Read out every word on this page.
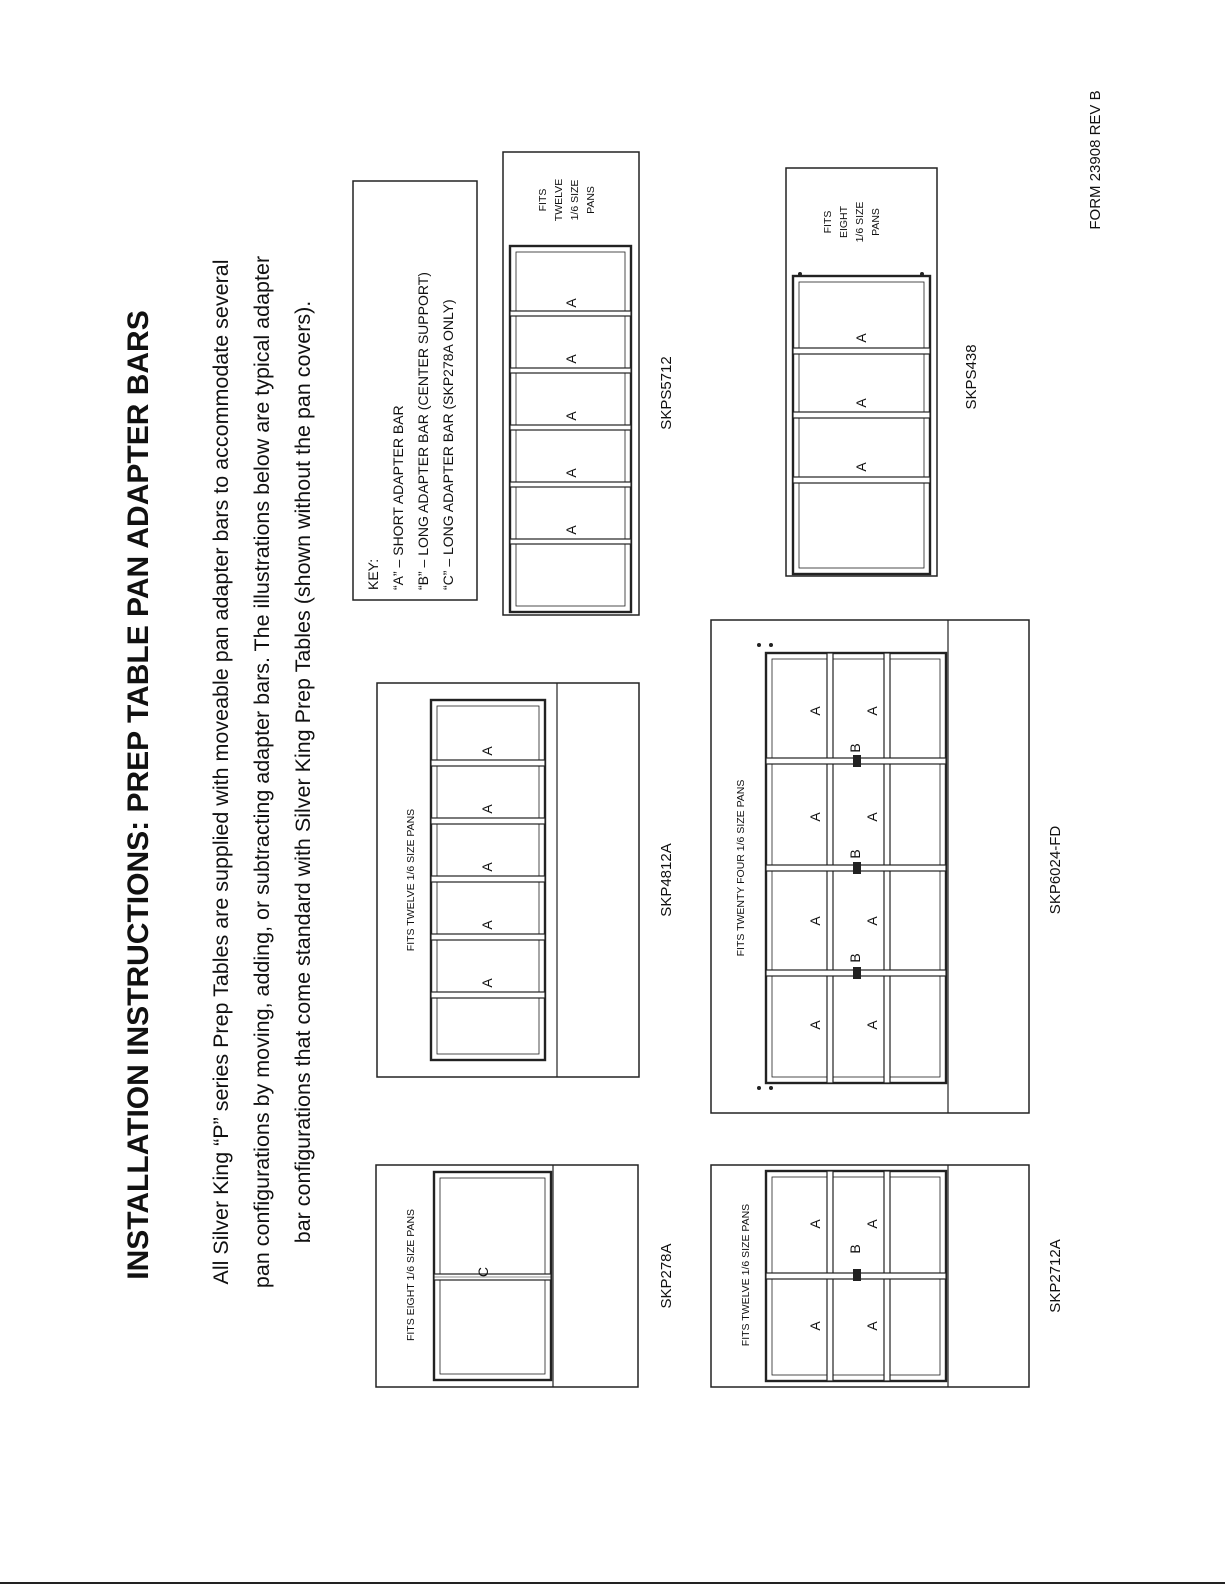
INSTALLATION INSTRUCTIONS: PREP TABLE PAN ADAPTER BARS	All Silver King “P” series Prep Tables are supplied with moveable pan adapter bars to accommodate several pan configurations by moving, adding, or subtracting adapter bars. The illustrations below are typical adapter bar configurations that come standard with Silver King Prep Tables (shown without the pan covers).	KEY: “A” – SHORT ADAPTER BAR “B” – LONG ADAPTER BAR (CENTER SUPPORT) “C” – LONG ADAPTER BAR (SKP278A ONLY)
C
FITS EIGHT 1/6 SIZE PANS	SKP278A
A
A
A
A
A
FITS TWELVE 1/6 SIZE PANS	SKP4812A
A
A
A
A
A
FITS TWELVE 1/6 SIZE PANS
SKPS5712
A
A
A
A
B
FITS TWELVE 1/6 SIZE PANS	SKP2712A
A
A
A
A
A
A
A
A
B
B
B
FITS TWENTY FOUR 1/6 SIZE PANS	SKP6024-FD
A
A
A
FITS EIGHT 1/6 SIZE PANS
SKPS438
FORM 23908 REV B
